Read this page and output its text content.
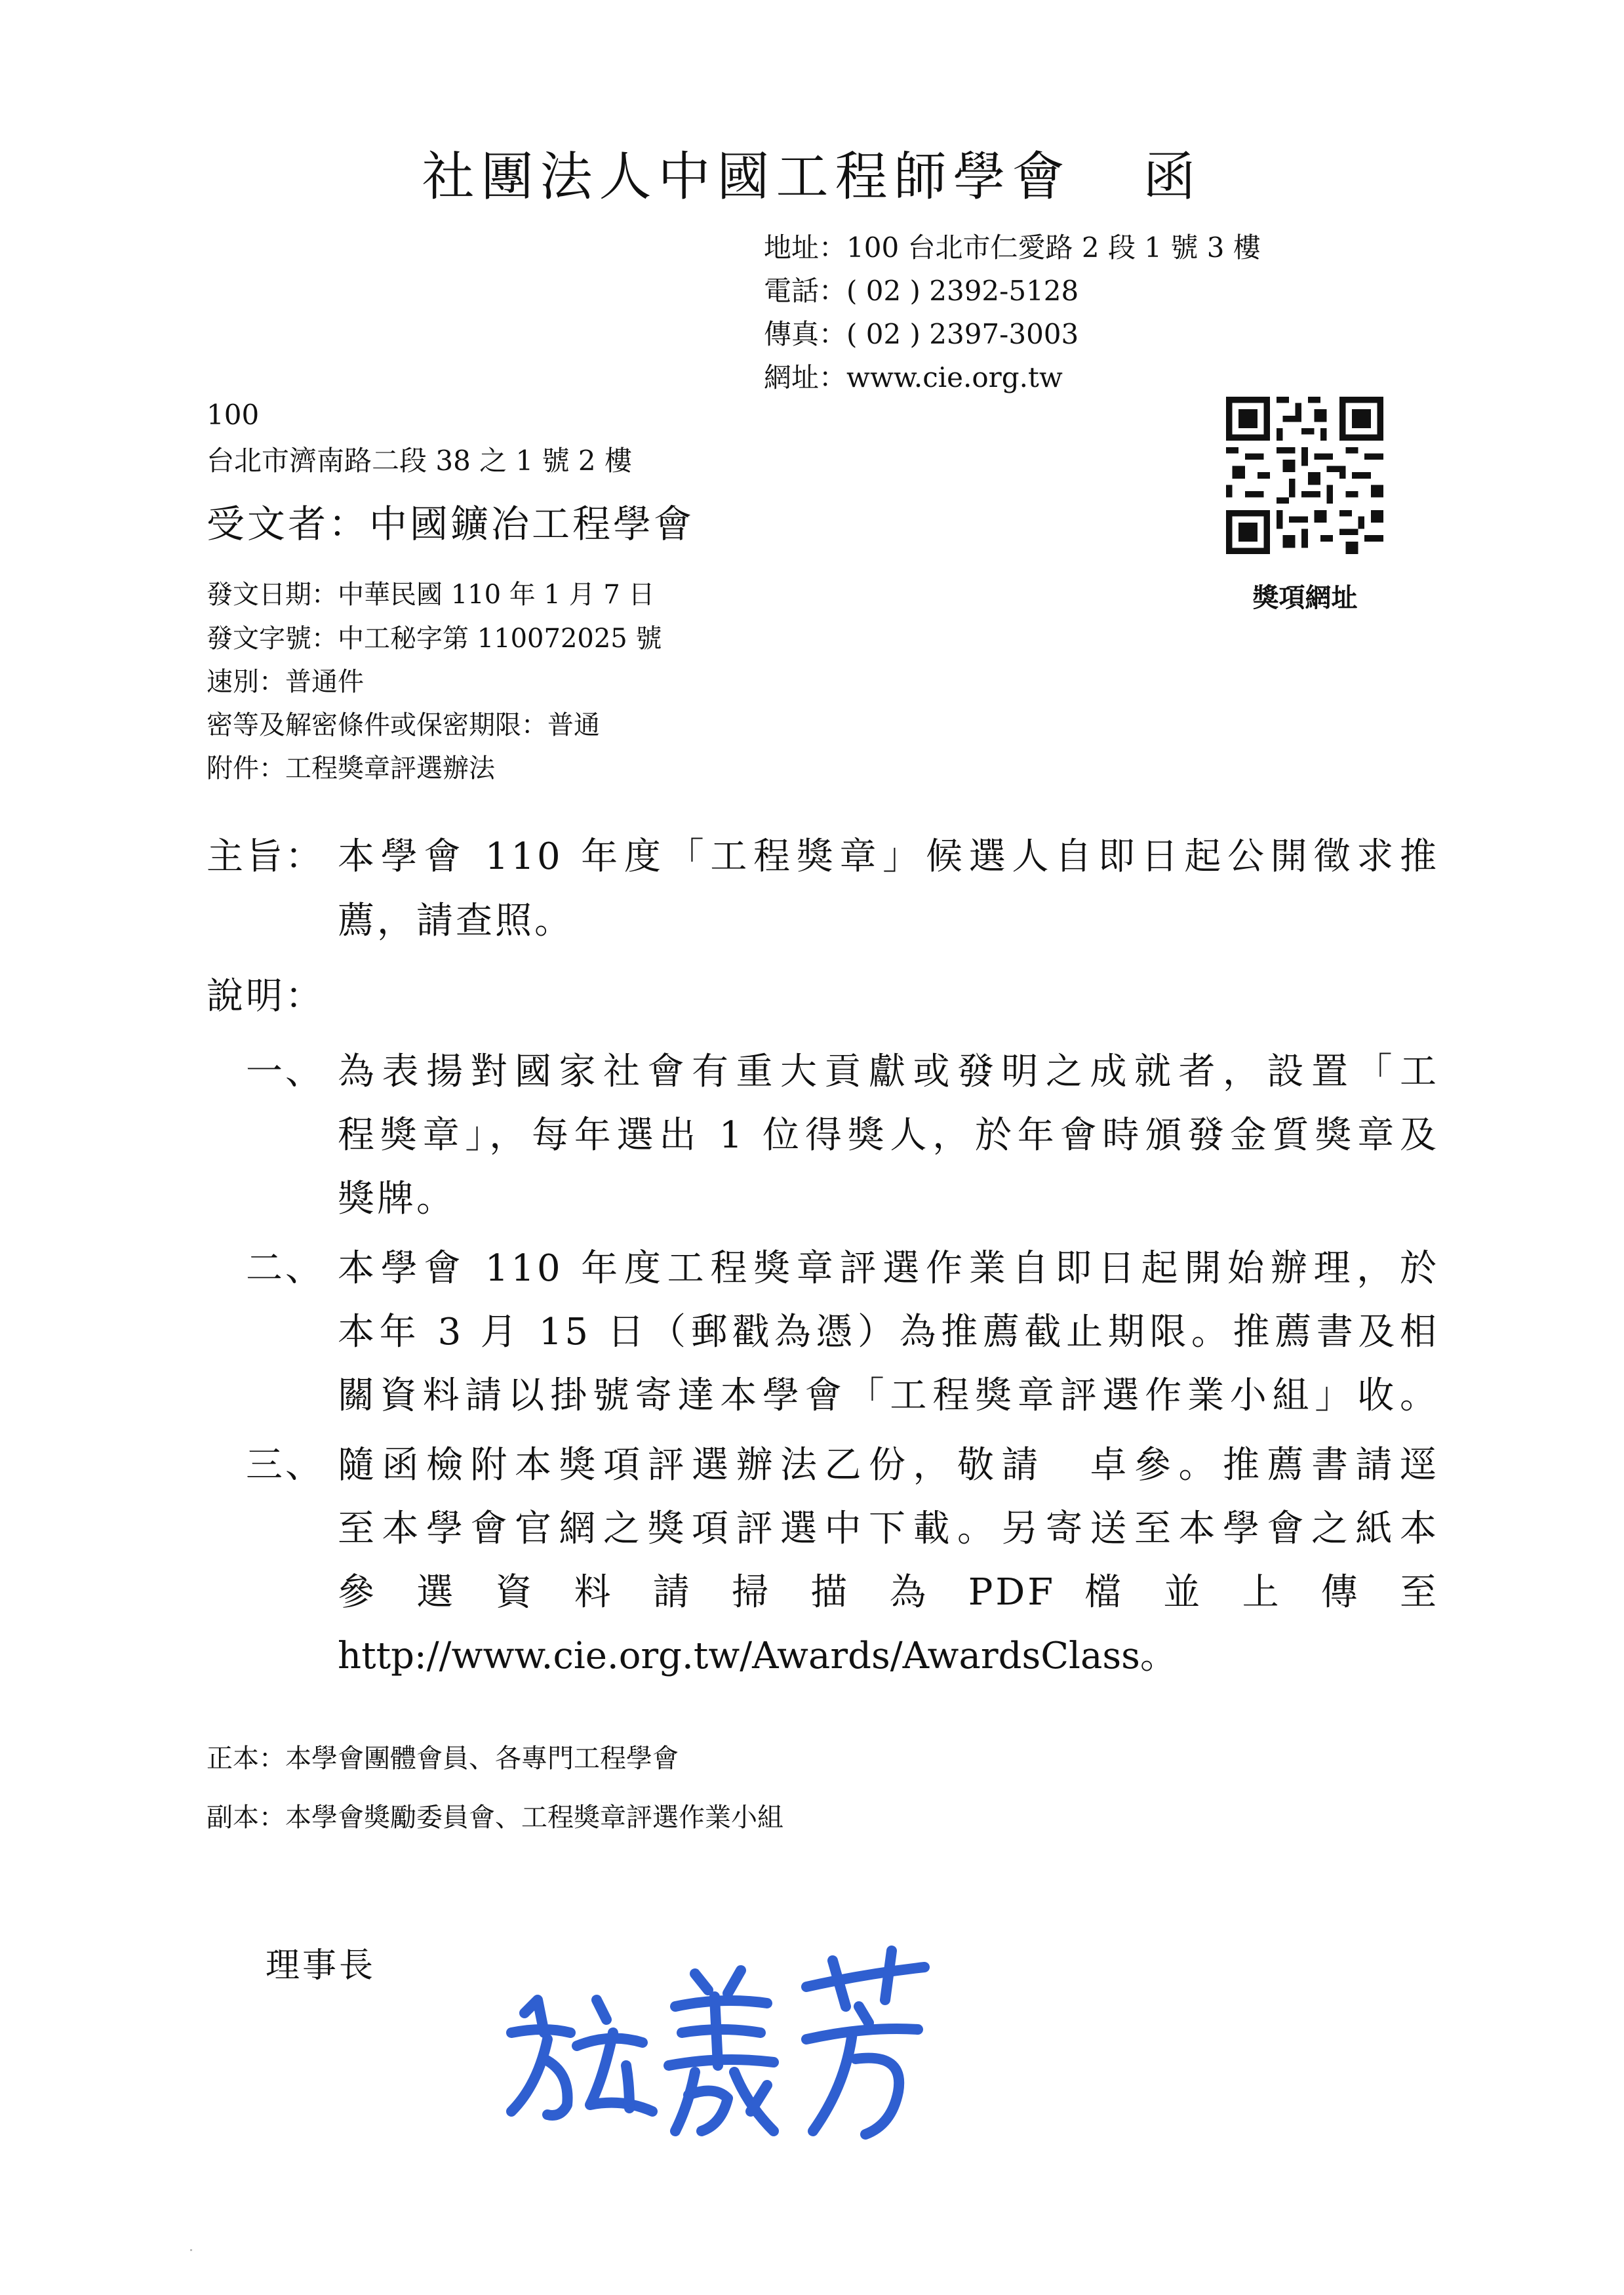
社團法人中國工程師學會 函
地址：100 台北市仁愛路 2 段 1 號 3 樓
電話：( 02 ) 2392-5128
傳真：( 02 ) 2397-3003
網址：www.cie.org.tw
獎項網址
100
台北市濟南路二段 38 之 1 號 2 樓
受文者：中國鑛冶工程學會
發文日期：中華民國 110 年 1 月 7 日
發文字號：中工秘字第 110072025 號
速別：普通件
密等及解密條件或保密期限：普通
附件：工程獎章評選辦法
主旨： 本學會 110 年度「工程獎章」候選人自即日起公開徵求推
薦，請查照。
說明：
一、 為表揚對國家社會有重大貢獻或發明之成就者，設置「工
程獎章」，每年選出 1 位得獎人，於年會時頒發金質獎章及
獎牌。
二、 本學會 110 年度工程獎章評選作業自即日起開始辦理，於
本年 3 月 15 日（郵戳為憑）為推薦截止期限。推薦書及相
關資料請以掛號寄達本學會「工程獎章評選作業小組」收。
三、 隨函檢附本獎項評選辦法乙份，敬請　卓參。推薦書請逕
至本學會官網之獎項評選中下載。另寄送至本學會之紙本
參 選 資 料 請 掃 描 為 PDF 檔 並 上 傳 至
http://www.cie.org.tw/Awards/AwardsClass。
正本：本學會團體會員、各專門工程學會
副本：本學會獎勵委員會、工程獎章評選作業小組
理事長
